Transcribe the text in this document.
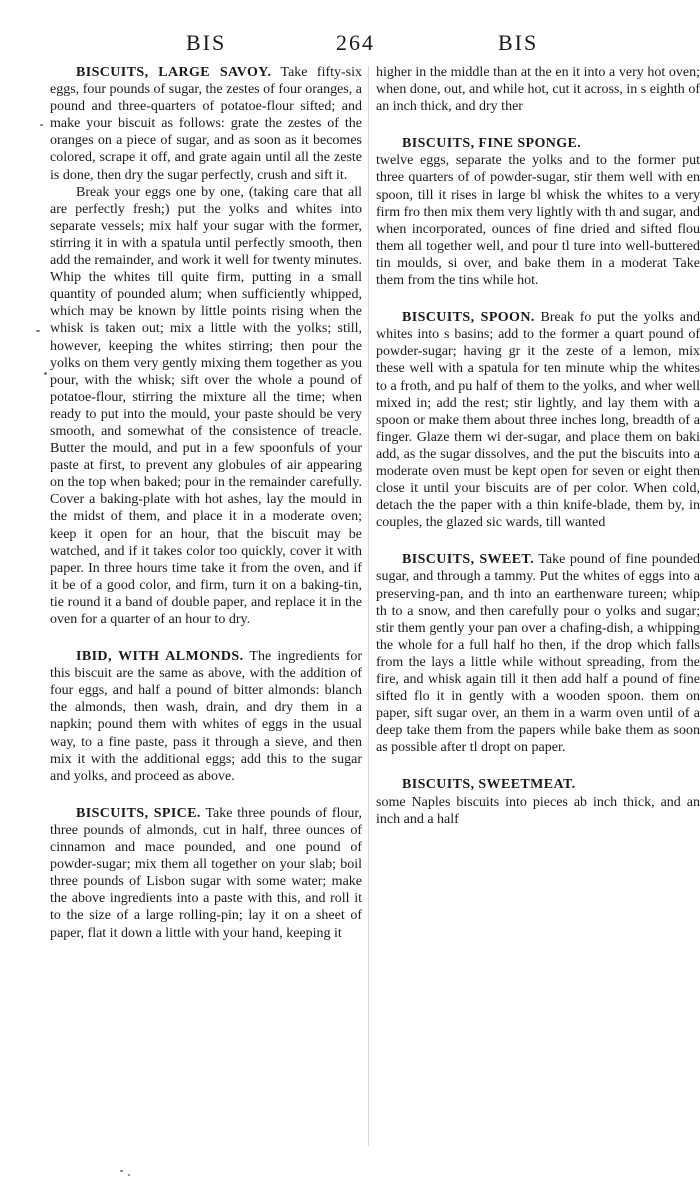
BIS	264	BIS

BISCUITS, LARGE SAVOY. Take fifty-six eggs, four pounds of sugar, the zestes of four oranges, a pound and three-quarters of potatoe-flour sifted; and make your biscuit as follows: grate the zestes of the oranges on a piece of sugar, and as soon as it becomes colored, scrape it off, and grate again until all the zeste is done, then dry the sugar perfectly, crush and sift it.

Break your eggs one by one, (taking care that all are perfectly fresh;) put the yolks and whites into separate vessels; mix half your sugar with the former, stirring it in with a spatula until perfectly smooth, then add the remainder, and work it well for twenty minutes. Whip the whites till quite firm, putting in a small quantity of pounded alum; when sufficiently whipped, which may be known by little points rising when the whisk is taken out; mix a little with the yolks; still, however, keeping the whites stirring; then pour the yolks on them very gently mixing them together as you pour, with the whisk; sift over the whole a pound of potatoe-flour, stirring the mixture all the time; when ready to put into the mould, your paste should be very smooth, and somewhat of the consistence of treacle. Butter the mould, and put in a few spoonfuls of your paste at first, to prevent any globules of air appearing on the top when baked; pour in the remainder carefully. Cover a baking-plate with hot ashes, lay the mould in the midst of them, and place it in a moderate oven; keep it open for an hour, that the biscuit may be watched, and if it takes color too quickly, cover it with paper. In three hours time take it from the oven, and if it be of a good color, and firm, turn it on a baking-tin, tie round it a band of double paper, and replace it in the oven for a quarter of an hour to dry.

IBID, WITH ALMONDS. The ingredients for this biscuit are the same as above, with the addition of four eggs, and half a pound of bitter almonds: blanch the almonds, then wash, drain, and dry them in a napkin; pound them with whites of eggs in the usual way, to a fine paste, pass it through a sieve, and then mix it with the additional eggs; add this to the sugar and yolks, and proceed as above.

BISCUITS, SPICE. Take three pounds of flour, three pounds of almonds, cut in half, three ounces of cinnamon and mace pounded, and one pound of powder-sugar; mix them all together on your slab; boil three pounds of Lisbon sugar with some water; make the above ingredients into a paste with this, and roll it to the size of a large rolling-pin; lay it on a sheet of paper, flat it down a little with your hand, keeping it

higher in the middle than at the en it into a very hot oven; when done, out, and while hot, cut it across, in s eighth of an inch thick, and dry ther

BISCUITS, FINE SPONGE.
twelve eggs, separate the yolks and to the former put three quarters of of powder-sugar, stir them well with en spoon, till it rises in large bl whisk the whites to a very firm fro then mix them very lightly with th and sugar, and when incorporated, ounces of fine dried and sifted flou them all together well, and pour tl ture into well-buttered tin moulds, si over, and bake them in a moderat Take them from the tins while hot.

BISCUITS, SPOON. Break fo put the yolks and whites into s basins; add to the former a quart pound of powder-sugar; having gr it the zeste of a lemon, mix these well with a spatula for ten minute whip the whites to a froth, and pu half of them to the yolks, and wher well mixed in; add the rest; stir lightly, and lay them with a spoon or make them about three inches long, breadth of a finger. Glaze them wi der-sugar, and place them on baki add, as the sugar dissolves, and the put the biscuits into a moderate oven must be kept open for seven or eight then close it until your biscuits are of per color. When cold, detach the the paper with a thin knife-blade, them by, in couples, the glazed sic wards, till wanted

BISCUITS, SWEET. Take pound of fine pounded sugar, and through a tammy. Put the whites of eggs into a preserving-pan, and th into an earthenware tureen; whip th to a snow, and then carefully pour o yolks and sugar; stir them gently your pan over a chafing-dish, a whipping the whole for a full half ho then, if the drop which falls from the lays a little while without spreading, from the fire, and whisk again till it then add half a pound of fine sifted flo it in gently with a wooden spoon. them on paper, sift sugar over, an them in a warm oven until of a deep take them from the papers while bake them as soon as possible after tl dropt on paper.

BISCUITS, SWEETMEAT.
some Naples biscuits into pieces ab inch thick, and an inch and a half
